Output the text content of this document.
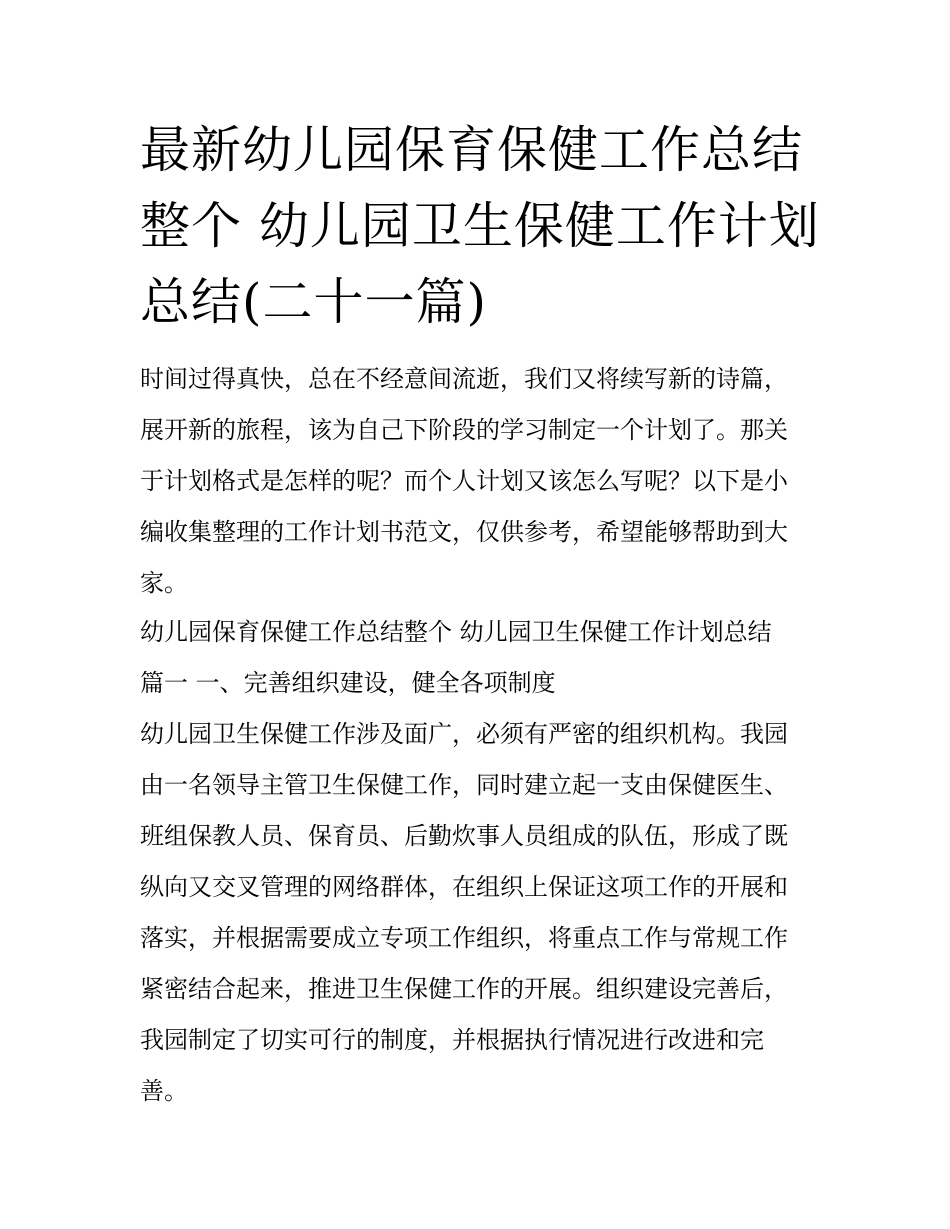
最新幼儿园保育保健工作总结
整个 幼儿园卫生保健工作计划
总结(二十一篇)

时间过得真快，总在不经意间流逝，我们又将续写新的诗篇，
展开新的旅程，该为自己下阶段的学习制定一个计划了。那关
于计划格式是怎样的呢？而个人计划又该怎么写呢？以下是小
编收集整理的工作计划书范文，仅供参考，希望能够帮助到大
家。

幼儿园保育保健工作总结整个 幼儿园卫生保健工作计划总结
篇一 一、完善组织建设，健全各项制度

幼儿园卫生保健工作涉及面广，必须有严密的组织机构。我园
由一名领导主管卫生保健工作，同时建立起一支由保健医生、
班组保教人员、保育员、后勤炊事人员组成的队伍，形成了既
纵向又交叉管理的网络群体，在组织上保证这项工作的开展和
落实，并根据需要成立专项工作组织，将重点工作与常规工作
紧密结合起来，推进卫生保健工作的开展。组织建设完善后，
我园制定了切实可行的制度，并根据执行情况进行改进和完
善。
